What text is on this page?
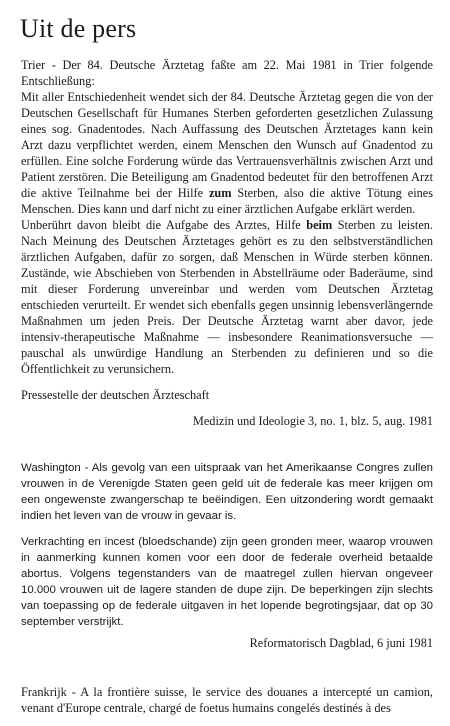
Uit de pers

Trier - Der 84. Deutsche Ärztetag faßte am 22. Mai 1981 in Trier folgende Entschließung:

Mit aller Entschiedenheit wendet sich der 84. Deutsche Ärztetag gegen die von der Deutschen Gesellschaft für Humanes Sterben geforderten gesetzlichen Zulassung eines sog. Gnadentodes. Nach Auffassung des Deutschen Ärztetages kann kein Arzt dazu verpflichtet werden, einem Menschen den Wunsch auf Gnadentod zu erfüllen. Eine solche Forderung würde das Vertrauensverhältnis zwischen Arzt und Patient zerstören. Die Beteiligung am Gnadentod bedeutet für den betroffenen Arzt die aktive Teilnahme bei der Hilfe zum Sterben, also die aktive Tötung eines Menschen. Dies kann und darf nicht zu einer ärztlichen Aufgabe erklärt werden.

Unberührt davon bleibt die Aufgabe des Arztes, Hilfe beim Sterben zu leisten. Nach Meinung des Deutschen Ärztetages gehört es zu den selbstverständlichen ärztlichen Aufgaben, dafür zo sorgen, daß Menschen in Würde sterben können. Zustände, wie Abschieben von Sterbenden in Abstellräume oder Baderäume, sind mit dieser Forderung unvereinbar und werden vom Deutschen Ärztetag entschieden verurteilt. Er wendet sich ebenfalls gegen unsinnig lebensverlängernde Maßnahmen um jeden Preis. Der Deutsche Ärztetag warnt aber davor, jede intensiv-therapeutische Maßnahme — insbesondere Reanimationsversuche — pauschal als unwürdige Handlung an Sterbenden zu definieren und so die Öffentlichkeit zu verunsichern.

Pressestelle der deutschen Ärzteschaft

Medizin und Ideologie 3, no. 1, blz. 5, aug. 1981

Washington - Als gevolg van een uitspraak van het Amerikaanse Congres zullen vrouwen in de Verenigde Staten geen geld uit de federale kas meer krijgen om een ongewenste zwangerschap te beëindigen. Een uitzondering wordt gemaakt indien het leven van de vrouw in gevaar is.

Verkrachting en incest (bloedschande) zijn geen gronden meer, waarop vrouwen in aanmerking kunnen komen voor een door de federale overheid betaalde abortus. Volgens tegenstanders van de maatregel zullen hiervan ongeveer 10.000 vrouwen uit de lagere standen de dupe zijn. De beperkingen zijn slechts van toepassing op de federale uitgaven in het lopende begrotingsjaar, dat op 30 september verstrijkt.

Reformatorisch Dagblad, 6 juni 1981

Frankrijk - A la frontière suisse, le service des douanes a intercepté un camion, venant d'Europe centrale, chargé de foetus humains congelés destinés à des
